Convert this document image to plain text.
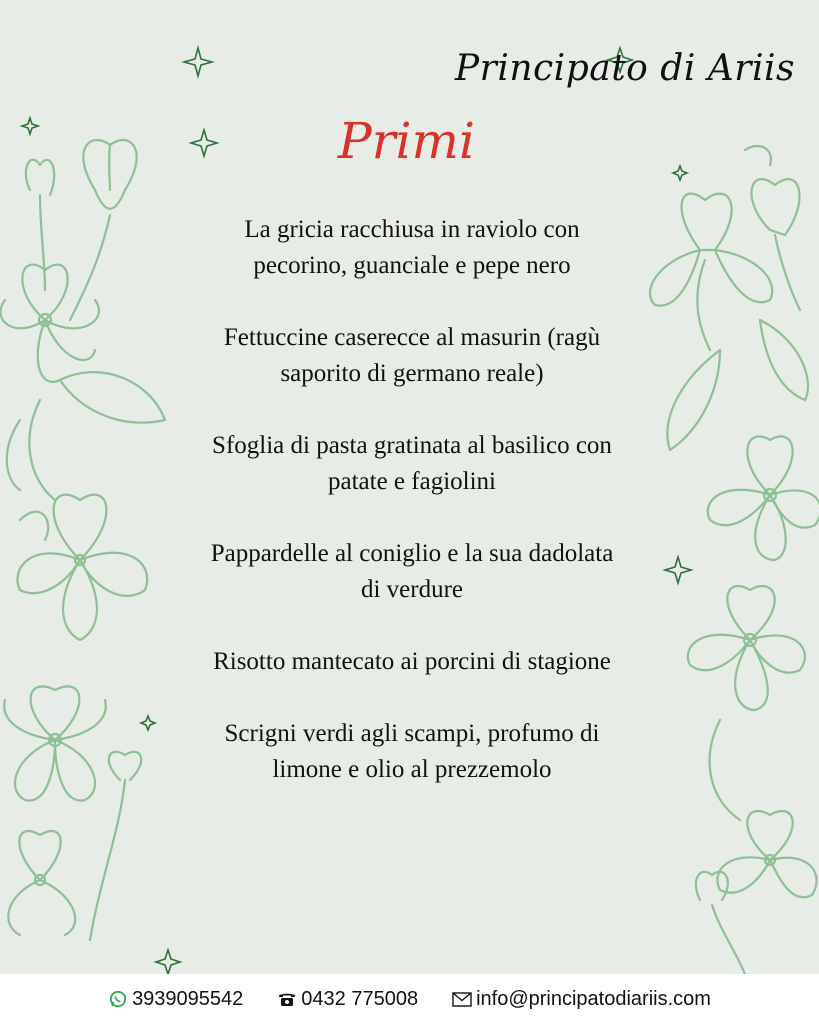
Principato di Ariis
Primi
La gricia racchiusa in raviolo con
pecorino, guanciale e pepe nero
Fettuccine caserecce al masurin (ragù
saporito di germano reale)
Sfoglia di pasta gratinata al basilico con
patate e fagiolini
Pappardelle al coniglio e la sua dadolata
di verdure
Risotto mantecato ai porcini di stagione
Scrigni verdi agli scampi, profumo di
limone e olio al prezzemolo
3939095542	0432 775008	info@principatodiariis.com
